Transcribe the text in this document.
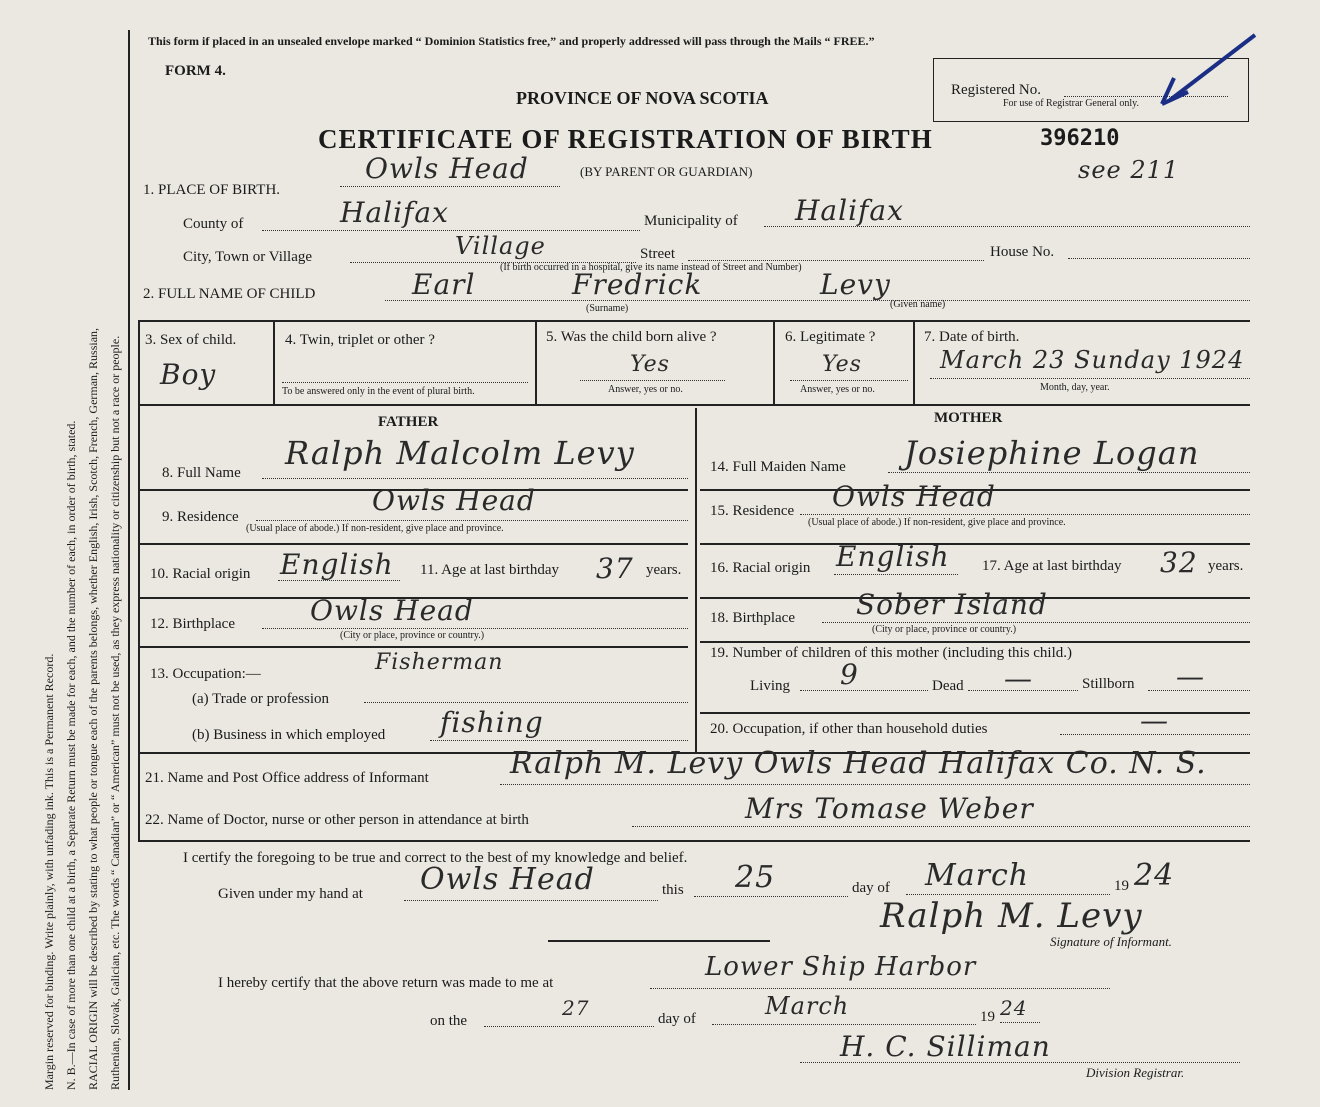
Margin reserved for binding. Write plainly, with unfading ink. This is a Permanent Record. N. B.—In case of more than one child at a birth, a Separate Return must be made for each, and the number of each, in order of birth, stated. RACIAL ORIGIN will be described by stating to what people or tongue each of the parents belongs, whether English, Irish, Scotch, French, German, Russian, Ruthenian, Slovak, Galician, etc. The words “ Canadian” or “ American” must not be used, as they express nationality or citizenship but not a race or people.
This form if placed in an unsealed envelope marked “ Dominion Statistics free,” and properly addressed will pass through the Mails “ FREE.”
FORM 4.
PROVINCE OF NOVA SCOTIA
CERTIFICATE OF REGISTRATION OF BIRTH
(BY PARENT OR GUARDIAN)
Registered No.
For use of Registrar General only.
396210
see 211
1. PLACE OF BIRTH.
Owls Head
County of	Halifax	Municipality of Halifax
City, Town or Village	Village	Street	House No.
(If birth occurred in a hospital, give its name instead of Street and Number)
2. FULL NAME OF CHILD	Earl	Fredrick	Levy
(Surname)	(Given name)
3. Sex of child.
Boy
4. Twin, triplet or other ?
To be answered only in the event of plural birth.
5. Was the child born alive ?
Yes
Answer, yes or no.
6. Legitimate ?
Yes
Answer, yes or no.
7. Date of birth.
March 23 Sunday 1924
Month, day, year.
FATHER
8. Full Name
Ralph Malcolm Levy
9. Residence	Owls Head
(Usual place of abode.) If non-resident, give place and province.
10. Racial origin English 11. Age at last birthday 37 years.
12. Birthplace	Owls Head
(City or place, province or country.)
13. Occupation:—	Fisherman
(a) Trade or profession
(b) Business in which employed fishing
MOTHER
14. Full Maiden Name Josiephine Logan
15. Residence Owls Head
(Usual place of abode.) If non-resident, give place and province.
16. Racial origin English 17. Age at last birthday 32 years.
18. Birthplace Sober Island
(City or place, province or country.)
19. Number of children of this mother (including this child.)
Living 9	Dead —	Stillborn —
20. Occupation, if other than household duties	—
21. Name and Post Office address of Informant	Ralph M. Levy Owls Head Halifax Co. N. S.
22. Name of Doctor, nurse or other person in attendance at birth	Mrs Tomase Weber
I certify the foregoing to be true and correct to the best of my knowledge and belief.
Given under my hand at Owls Head	this 25	day of March	19 24
Ralph M. Levy
Signature of Informant.
I hereby certify that the above return was made to me at
Lower Ship Harbor
on the
27	day of	March	19 24
H. C. Silliman
Division Registrar.
